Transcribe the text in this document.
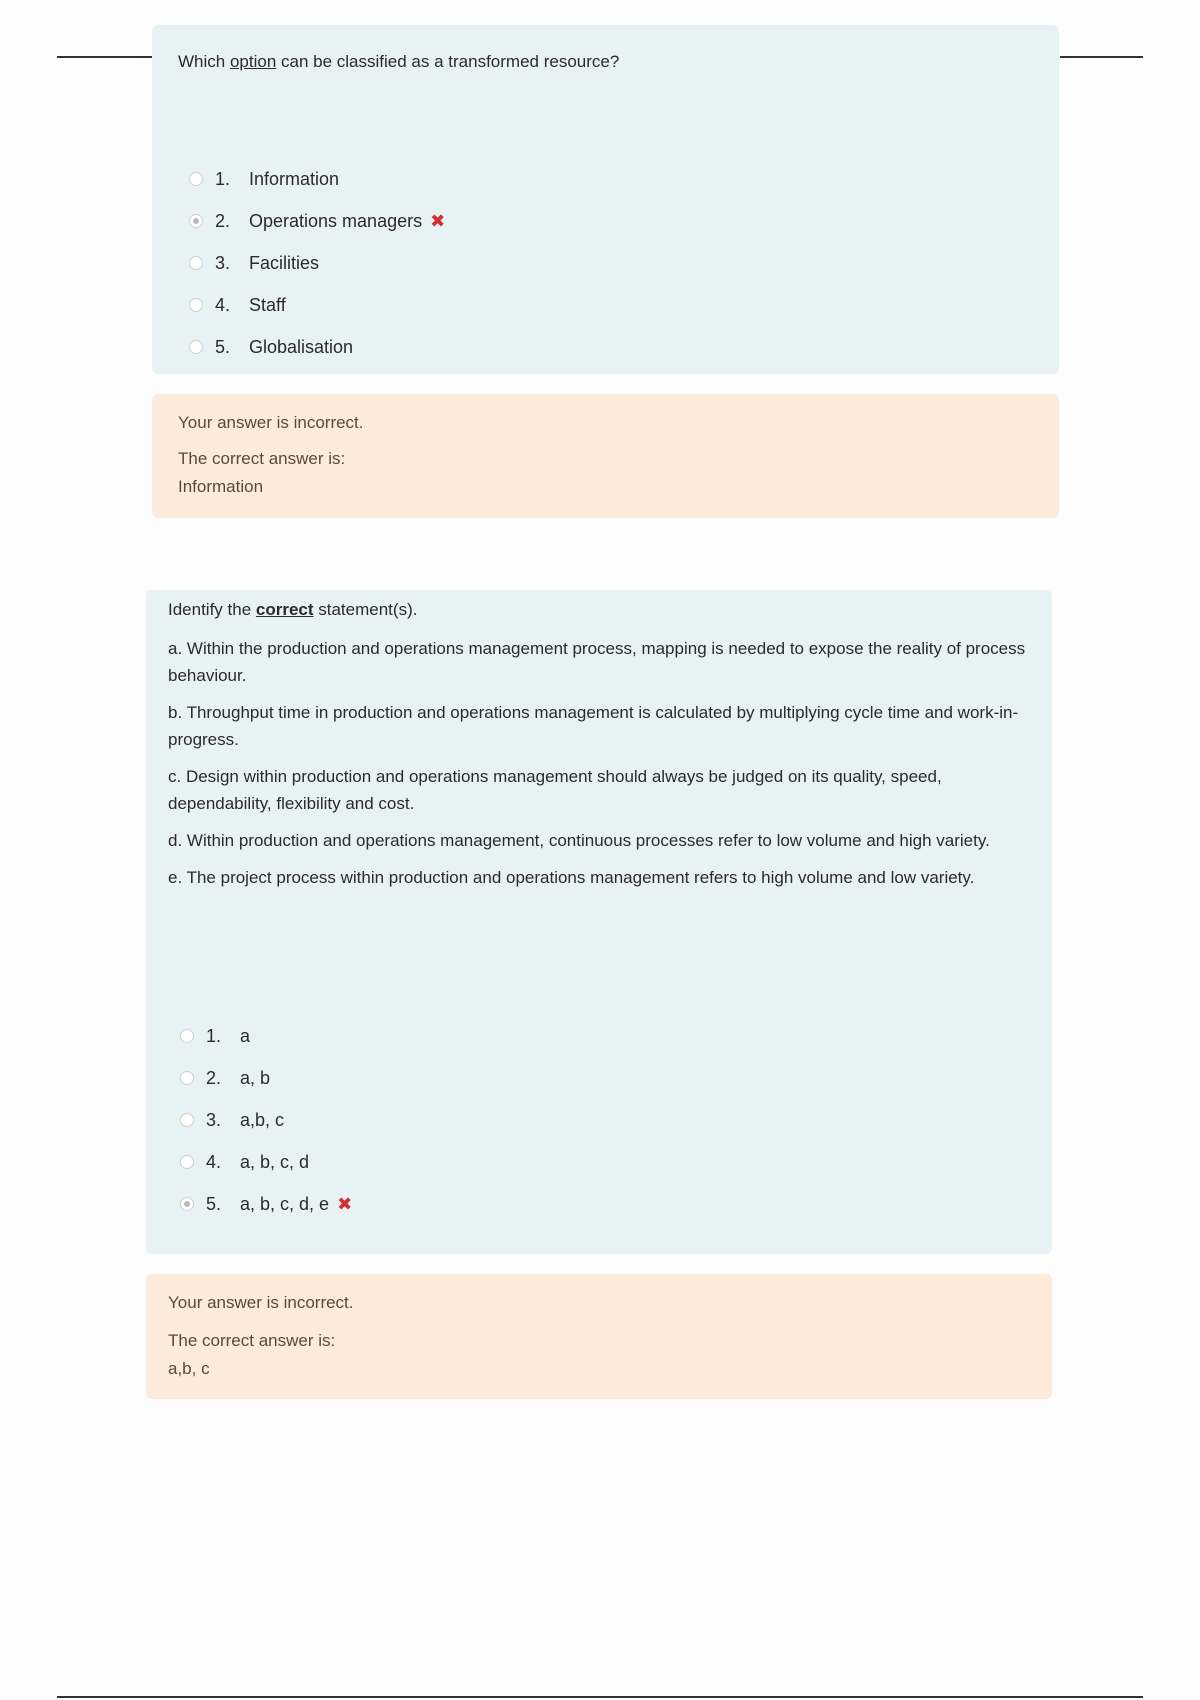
Which option can be classified as a transformed resource?
1.	Information
2.	Operations managers ✖
3.	Facilities
4.	Staff
5.	Globalisation

Your answer is incorrect.

The correct answer is:

Information

Identify the correct statement(s).

a. Within the production and operations management process, mapping is needed to expose the reality of process behaviour.

b. Throughput time in production and operations management is calculated by multiplying cycle time and work-in-progress.

c. Design within production and operations management should always be judged on its quality, speed, dependability, flexibility and cost.

d. Within production and operations management, continuous processes refer to low volume and high variety.

e. The project process within production and operations management refers to high volume and low variety.

1.	a
2.	a, b
3.	a,b, c
4.	a, b, c, d
5.	a, b, c, d, e ✖

Your answer is incorrect.

The correct answer is:

a,b, c
